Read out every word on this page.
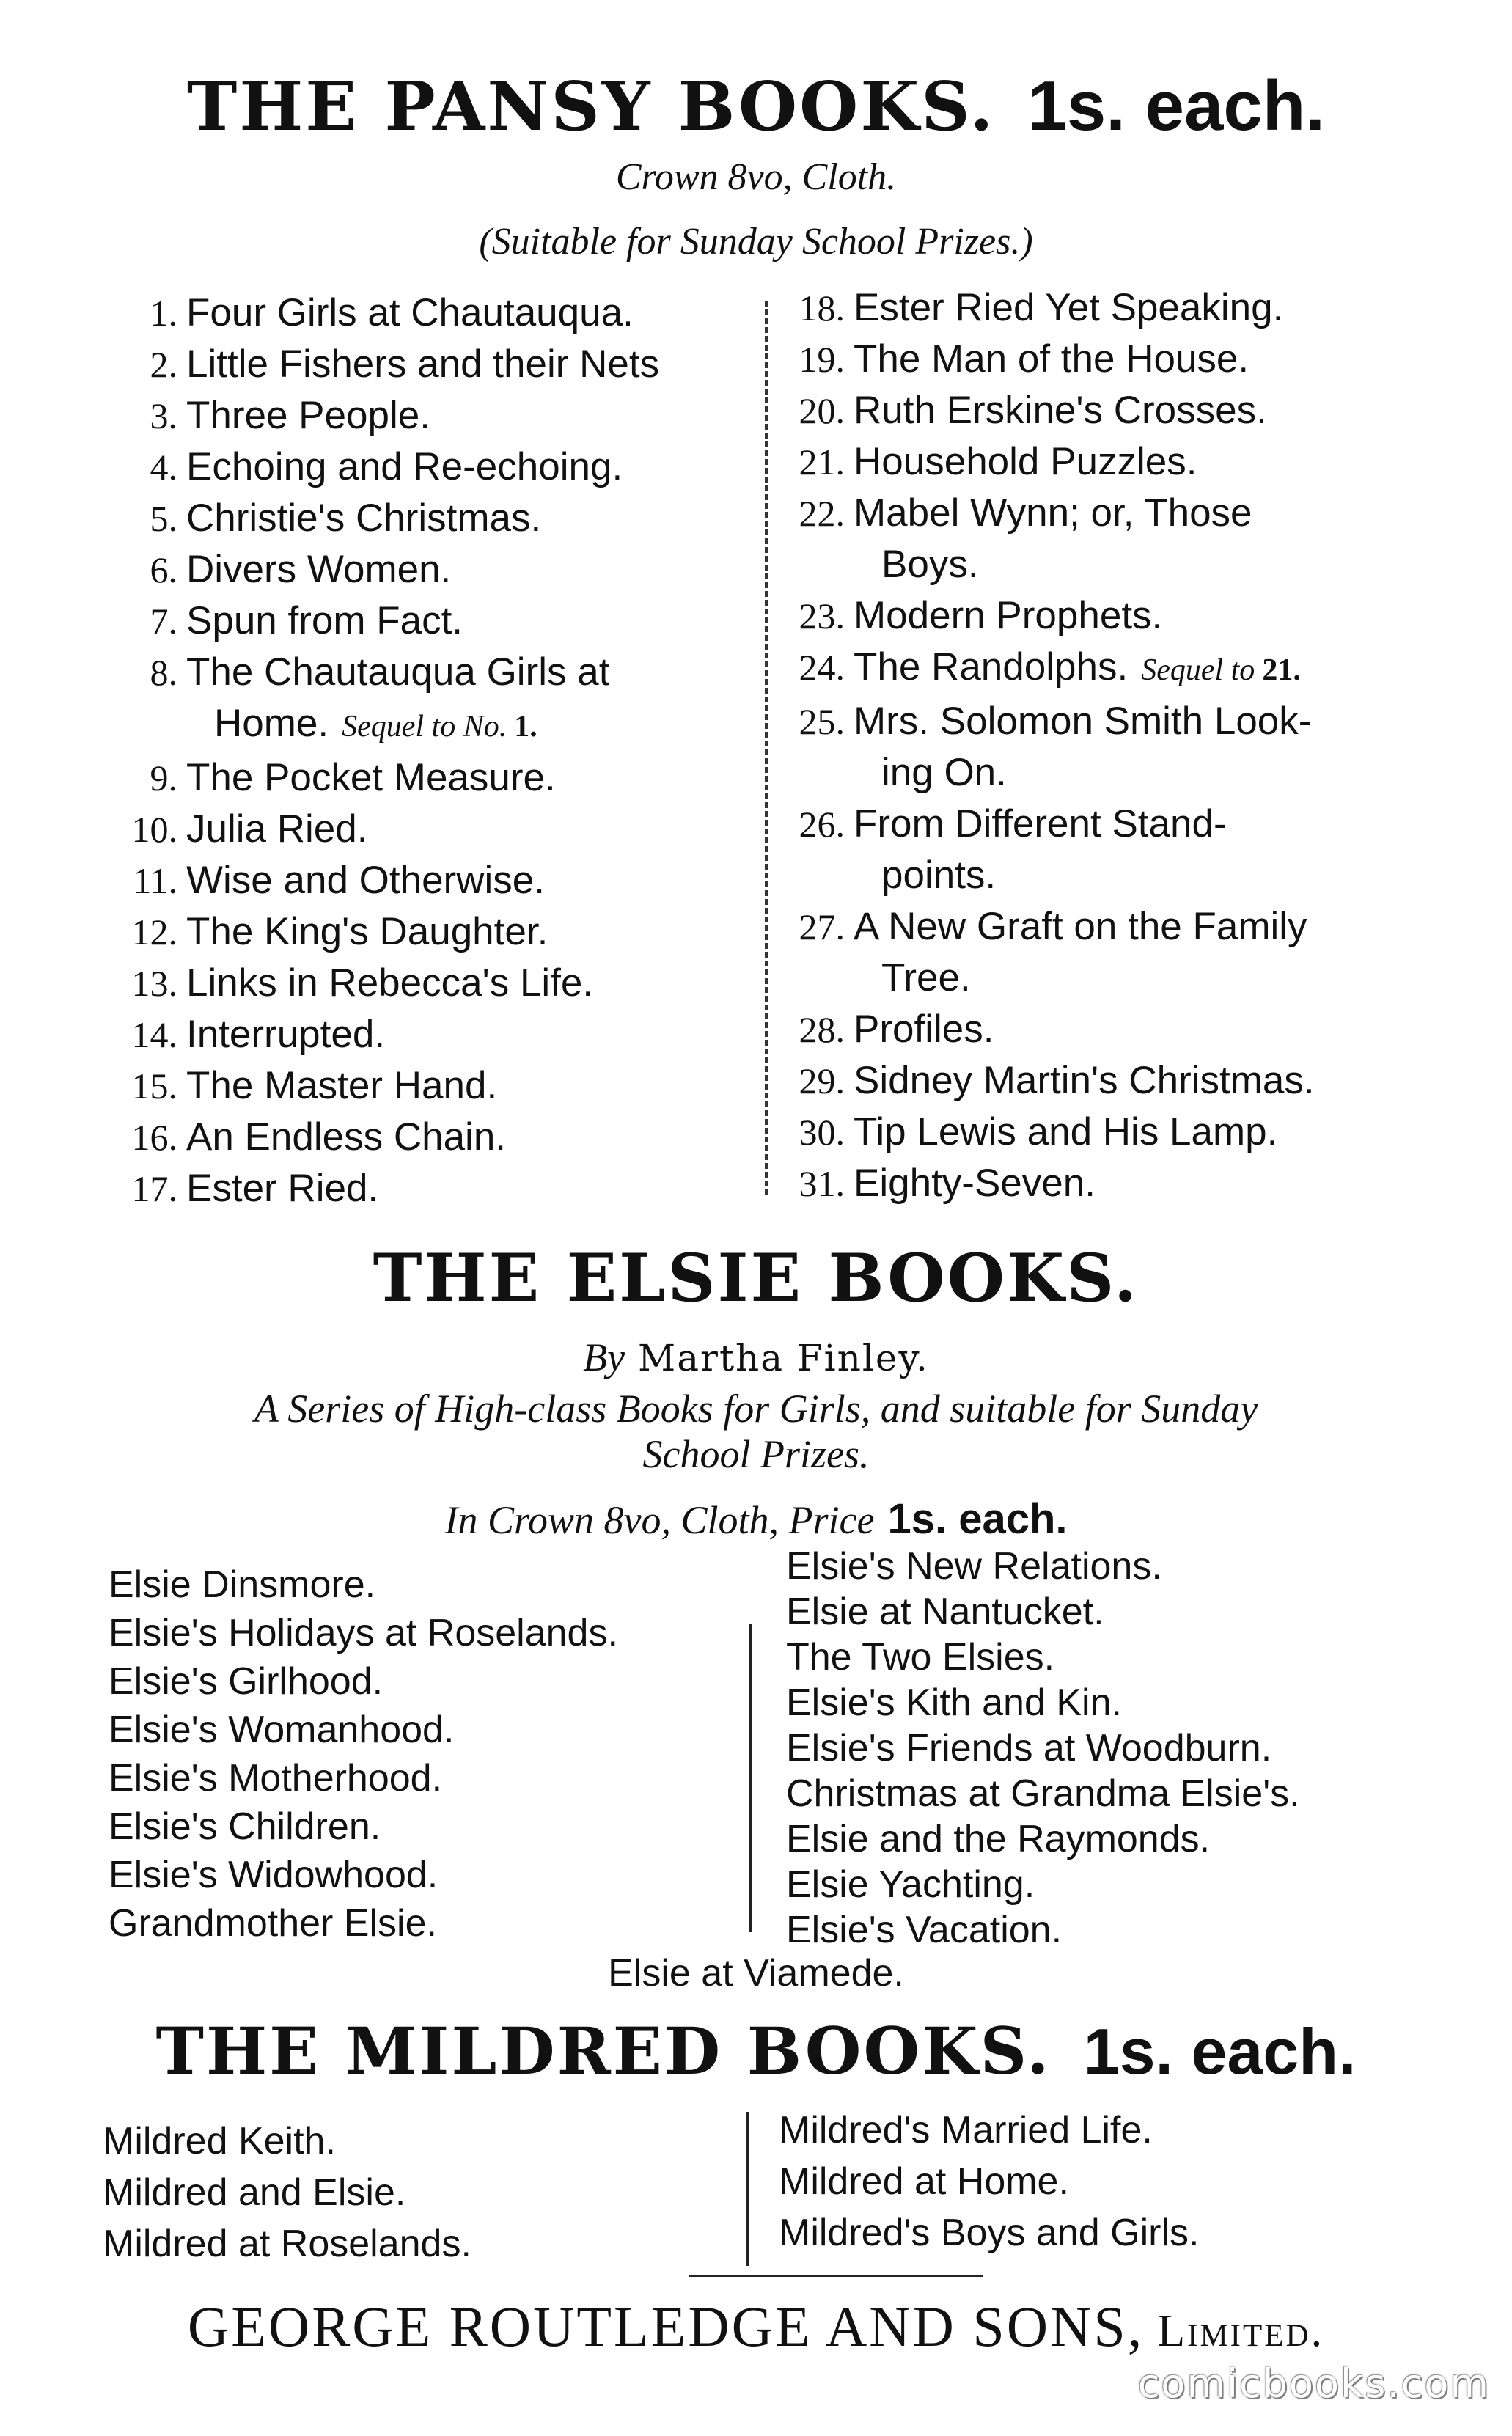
THE PANSY BOOKS. 1s. each.
Crown 8vo, Cloth.
(Suitable for Sunday School Prizes.)
1. Four Girls at Chautauqua.
2. Little Fishers and their Nets
3. Three People.
4. Echoing and Re-echoing.
5. Christie's Christmas.
6. Divers Women.
7. Spun from Fact.
8. The Chautauqua Girls at
Home. Sequel to No. 1.
9. The Pocket Measure.
10. Julia Ried.
11. Wise and Otherwise.
12. The King's Daughter.
13. Links in Rebecca's Life.
14. Interrupted.
15. The Master Hand.
16. An Endless Chain.
17. Ester Ried.
18. Ester Ried Yet Speaking.
19. The Man of the House.
20. Ruth Erskine's Crosses.
21. Household Puzzles.
22. Mabel Wynn; or, Those
Boys.
23. Modern Prophets.
24. The Randolphs. Sequel to 21.
25. Mrs. Solomon Smith Look-
ing On.
26. From Different Stand-
points.
27. A New Graft on the Family
Tree.
28. Profiles.
29. Sidney Martin's Christmas.
30. Tip Lewis and His Lamp.
31. Eighty-Seven.
THE ELSIE BOOKS.
By Martha Finley.
A Series of High-class Books for Girls, and suitable for Sunday
School Prizes.
In Crown 8vo, Cloth, Price 1s. each.
Elsie Dinsmore.
Elsie's Holidays at Roselands.
Elsie's Girlhood.
Elsie's Womanhood.
Elsie's Motherhood.
Elsie's Children.
Elsie's Widowhood.
Grandmother Elsie.
Elsie's New Relations.
Elsie at Nantucket.
The Two Elsies.
Elsie's Kith and Kin.
Elsie's Friends at Woodburn.
Christmas at Grandma Elsie's.
Elsie and the Raymonds.
Elsie Yachting.
Elsie's Vacation.
Elsie at Viamede.
THE MILDRED BOOKS. 1s. each.
Mildred Keith.
Mildred and Elsie.
Mildred at Roselands.
Mildred's Married Life.
Mildred at Home.
Mildred's Boys and Girls.
GEORGE ROUTLEDGE AND SONS, Limited.
comicbooks.com
